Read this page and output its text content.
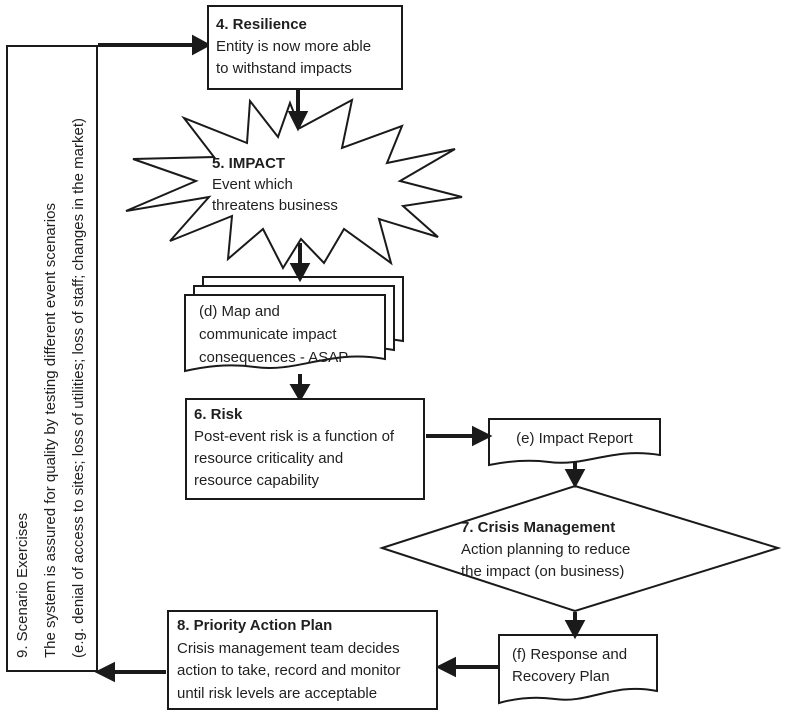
4. Resilience
Entity is now more able
to withstand impacts
5. IMPACT
Event which
threatens business
(d) Map and
communicate impact
consequences - ASAP
6. Risk
Post-event risk is a function of
resource criticality and
resource capability
(e) Impact Report
7. Crisis Management
Action planning to reduce
the impact (on business)
(f) Response and
Recovery Plan
8. Priority Action Plan
Crisis management team decides
action to take, record and monitor
until risk levels are acceptable
9. Scenario Exercises The system is assured for quality by testing different event scenarios (e.g. denial of access to sites; loss of utilities; loss of staff; changes in the market)
